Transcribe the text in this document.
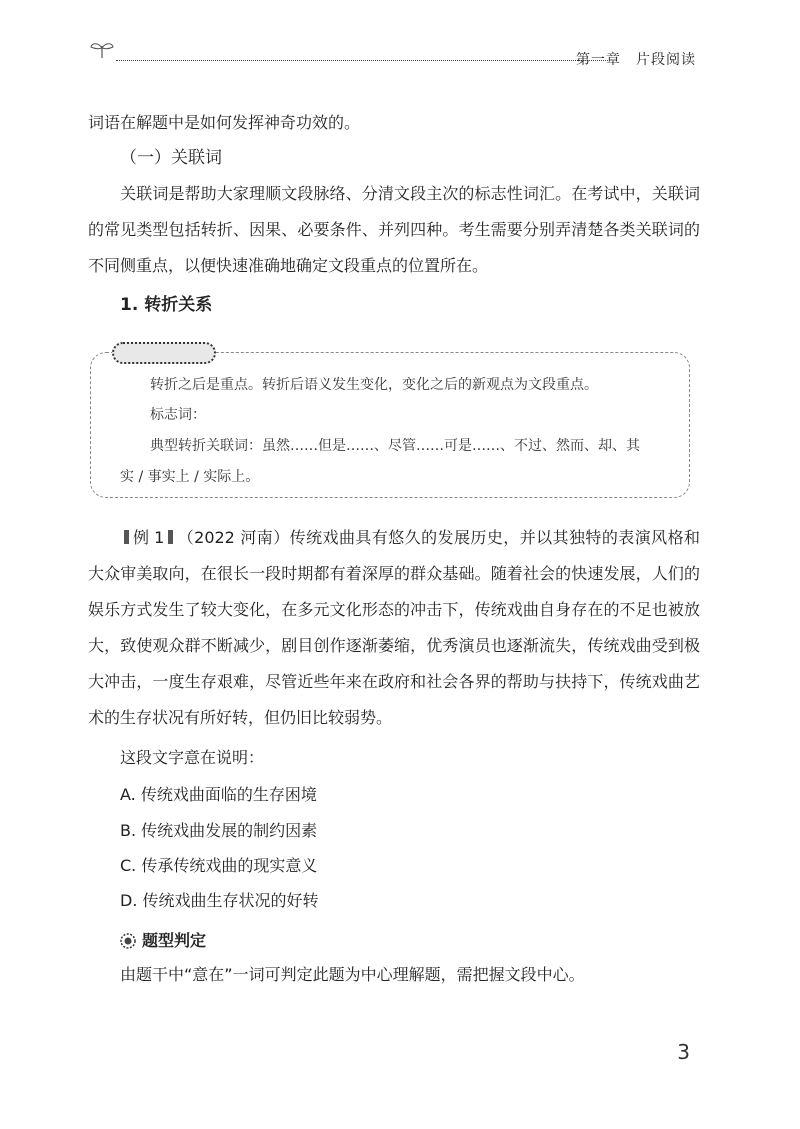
第一章　片段阅读
词语在解题中是如何发挥神奇功效的。
（一）关联词
关联词是帮助大家理顺文段脉络、分清文段主次的标志性词汇。在考试中，关联词的常见类型包括转折、因果、必要条件、并列四种。考生需要分别弄清楚各类关联词的不同侧重点，以便快速准确地确定文段重点的位置所在。
1. 转折关系
转折之后是重点。转折后语义发生变化，变化之后的新观点为文段重点。
标志词：
典型转折关联词：虽然……但是……、尽管……可是……、不过、然而、却、其
实 / 事实上 / 实际上。
例 1 （2022 河南）传统戏曲具有悠久的发展历史，并以其独特的表演风格和大众审美取向，在很长一段时期都有着深厚的群众基础。随着社会的快速发展，人们的娱乐方式发生了较大变化，在多元文化形态的冲击下，传统戏曲自身存在的不足也被放大，致使观众群不断减少，剧目创作逐渐萎缩，优秀演员也逐渐流失，传统戏曲受到极大冲击，一度生存艰难，尽管近些年来在政府和社会各界的帮助与扶持下，传统戏曲艺术的生存状况有所好转，但仍旧比较弱势。
这段文字意在说明：
A. 传统戏曲面临的生存困境
B. 传统戏曲发展的制约因素
C. 传承传统戏曲的现实意义
D. 传统戏曲生存状况的好转
题型判定
由题干中“意在”一词可判定此题为中心理解题，需把握文段中心。
3
